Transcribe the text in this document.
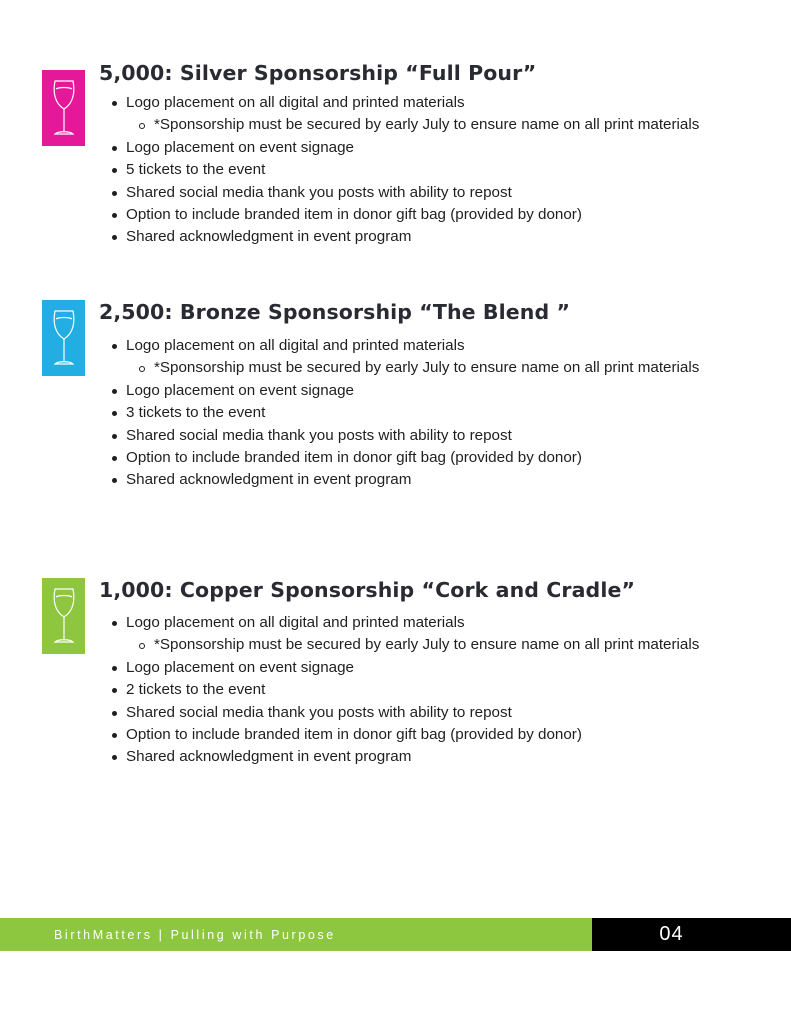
5,000: Silver Sponsorship “Full Pour”
Logo placement on all digital and printed materials
*Sponsorship must be secured by early July to ensure name on all print materials
Logo placement on event signage
5 tickets to the event
Shared social media thank you posts with ability to repost
Option to include branded item in donor gift bag (provided by donor)
Shared acknowledgment in event program
2,500: Bronze Sponsorship “The Blend ”
Logo placement on all digital and printed materials
*Sponsorship must be secured by early July to ensure name on all print materials
Logo placement on event signage
3 tickets to the event
Shared social media thank you posts with ability to repost
Option to include branded item in donor gift bag (provided by donor)
Shared acknowledgment in event program
1,000: Copper Sponsorship “Cork and Cradle”
Logo placement on all digital and printed materials
*Sponsorship must be secured by early July to ensure name on all print materials
Logo placement on event signage
2 tickets to the event
Shared social media thank you posts with ability to repost
Option to include branded item in donor gift bag (provided by donor)
Shared acknowledgment in event program
BirthMatters | Pulling with Purpose	04
